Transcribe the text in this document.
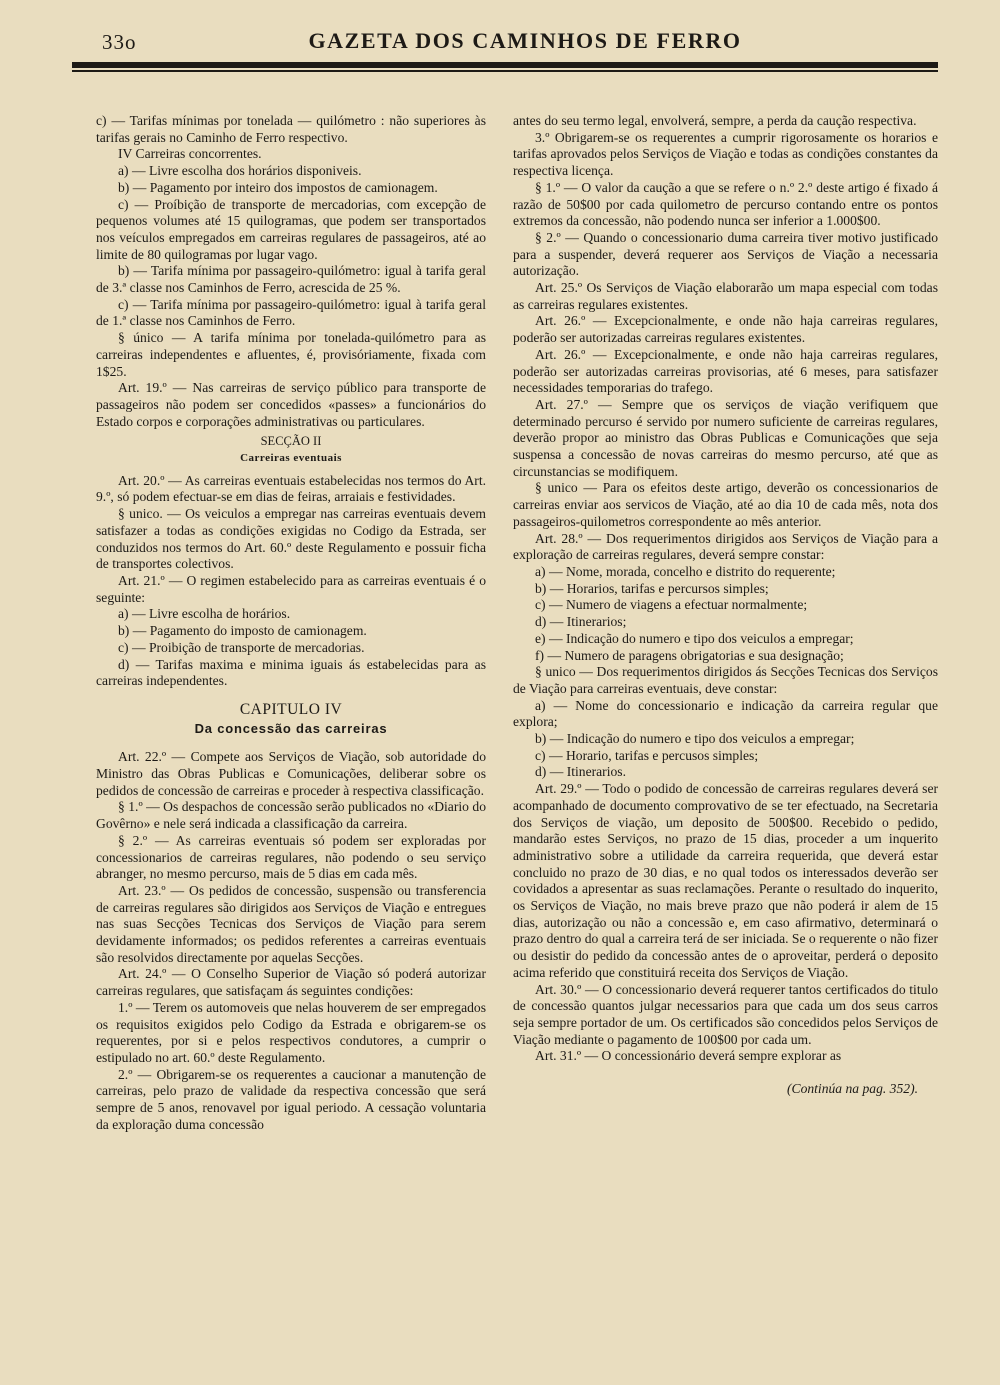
33o	GAZETA DOS CAMINHOS DE FERRO

c) — Tarifas mínimas por tonelada — quilómetro : não superiores às tarifas gerais no Caminho de Ferro respectivo.

IV Carreiras concorrentes.

a) — Livre escolha dos horários disponiveis.

b) — Pagamento por inteiro dos impostos de camionagem.

c) — Proíbição de transporte de mercadorias, com excepção de pequenos volumes até 15 quilogramas, que podem ser transportados nos veículos empregados em carreiras regulares de passageiros, até ao limite de 80 quilogramas por lugar vago.

b) — Tarifa mínima por passageiro-quilómetro: igual à tarifa geral de 3.ª classe nos Caminhos de Ferro, acrescida de 25 %.

c) — Tarifa mínima por passageiro-quilómetro: igual à tarifa geral de 1.ª classe nos Caminhos de Ferro.

§ único — A tarifa mínima por tonelada-quilómetro para as carreiras independentes e afluentes, é, provisóriamente, fixada com 1$25.

Art. 19.º — Nas carreiras de serviço público para transporte de passageiros não podem ser concedidos «passes» a funcionários do Estado corpos e corporações administrativas ou particulares.

SECÇÃO II

Carreiras eventuais

Art. 20.º — As carreiras eventuais estabelecidas nos termos do Art. 9.º, só podem efectuar-se em dias de feiras, arraiais e festividades.

§ unico. — Os veiculos a empregar nas carreiras eventuais devem satisfazer a todas as condições exigidas no Codigo da Estrada, ser conduzidos nos termos do Art. 60.º deste Regulamento e possuir ficha de transportes colectivos.

Art. 21.º — O regimen estabelecido para as carreiras eventuais é o seguinte:

a) — Livre escolha de horários.

b) — Pagamento do imposto de camionagem.

c) — Proibição de transporte de mercadorias.

d) — Tarifas maxima e minima iguais ás estabelecidas para as carreiras independentes.

CAPITULO IV

Da concessão das carreiras

Art. 22.º — Compete aos Serviços de Viação, sob autoridade do Ministro das Obras Publicas e Comunicações, deliberar sobre os pedidos de concessão de carreiras e proceder à respectiva classificação.

§ 1.º — Os despachos de concessão serão publicados no «Diario do Govêrno» e nele será indicada a classificação da carreira.

§ 2.º — As carreiras eventuais só podem ser exploradas por concessionarios de carreiras regulares, não podendo o seu serviço abranger, no mesmo percurso, mais de 5 dias em cada mês.

Art. 23.º — Os pedidos de concessão, suspensão ou transferencia de carreiras regulares são dirigidos aos Serviços de Viação e entregues nas suas Secções Tecnicas dos Serviços de Viação para serem devidamente informados; os pedidos referentes a carreiras eventuais são resolvidos directamente por aquelas Secções.

Art. 24.º — O Conselho Superior de Viação só poderá autorizar carreiras regulares, que satisfaçam ás seguintes condições:

1.º — Terem os automoveis que nelas houverem de ser empregados os requisitos exigidos pelo Codigo da Estrada e obrigarem-se os requerentes, por si e pelos respectivos condutores, a cumprir o estipulado no art. 60.º deste Regulamento.

2.º — Obrigarem-se os requerentes a caucionar a manutenção de carreiras, pelo prazo de validade da respectiva concessão que será sempre de 5 anos, renovavel por igual periodo. A cessação voluntaria da exploração duma concessão

antes do seu termo legal, envolverá, sempre, a perda da caução respectiva.

3.º Obrigarem-se os requerentes a cumprir rigorosamente os horarios e tarifas aprovados pelos Serviços de Viação e todas as condições constantes da respectiva licença.

§ 1.º — O valor da caução a que se refere o n.º 2.º deste artigo é fixado á razão de 50$00 por cada quilometro de percurso contando entre os pontos extremos da concessão, não podendo nunca ser inferior a 1.000$00.

§ 2.º — Quando o concessionario duma carreira tiver motivo justificado para a suspender, deverá requerer aos Serviços de Viação a necessaria autorização.

Art. 25.º Os Serviços de Viação elaborarão um mapa especial com todas as carreiras regulares existentes.

Art. 26.º — Excepcionalmente, e onde não haja carreiras regulares, poderão ser autorizadas carreiras regulares existentes.

Art. 26.º — Excepcionalmente, e onde não haja carreiras regulares, poderão ser autorizadas carreiras provisorias, até 6 meses, para satisfazer necessidades temporarias do trafego.

Art. 27.º — Sempre que os serviços de viação verifiquem que determinado percurso é servido por numero suficiente de carreiras regulares, deverão propor ao ministro das Obras Publicas e Comunicações que seja suspensa a concessão de novas carreiras do mesmo percurso, até que as circunstancias se modifiquem.

§ unico — Para os efeitos deste artigo, deverão os concessionarios de carreiras enviar aos servicos de Viação, até ao dia 10 de cada mês, nota dos passageiros-quilometros correspondente ao mês anterior.

Art. 28.º — Dos requerimentos dirigidos aos Serviços de Viação para a exploração de carreiras regulares, deverá sempre constar:

a) — Nome, morada, concelho e distrito do requerente;

b) — Horarios, tarifas e percursos simples;

c) — Numero de viagens a efectuar normalmente;

d) — Itinerarios;

e) — Indicação do numero e tipo dos veiculos a empregar;

f) — Numero de paragens obrigatorias e sua designação;

§ unico — Dos requerimentos dirigidos ás Secções Tecnicas dos Serviços de Viação para carreiras eventuais, deve constar:

a) — Nome do concessionario e indicação da carreira regular que explora;

b) — Indicação do numero e tipo dos veiculos a empregar;

c) — Horario, tarifas e percusos simples;

d) — Itinerarios.

Art. 29.º — Todo o podido de concessão de carreiras regulares deverá ser acompanhado de documento comprovativo de se ter efectuado, na Secretaria dos Serviços de viação, um deposito de 500$00. Recebido o pedido, mandarão estes Serviços, no prazo de 15 dias, proceder a um inquerito administrativo sobre a utilidade da carreira requerida, que deverá estar concluido no prazo de 30 dias, e no qual todos os interessados deverão ser covidados a apresentar as suas reclamações. Perante o resultado do inquerito, os Serviços de Viação, no mais breve prazo que não poderá ir alem de 15 dias, autorização ou não a concessão e, em caso afirmativo, determinará o prazo dentro do qual a carreira terá de ser iniciada. Se o requerente o não fizer ou desistir do pedido da concessão antes de o aproveitar, perderá o deposito acima referido que constituirá receita dos Serviços de Viação.

Art. 30.º — O concessionario deverá requerer tantos certificados do titulo de concessão quantos julgar necessarios para que cada um dos seus carros seja sempre portador de um. Os certificados são concedidos pelos Serviços de Viação mediante o pagamento de 100$00 por cada um.

Art. 31.º — O concessionário deverá sempre explorar as

(Continúa na pag. 352).
